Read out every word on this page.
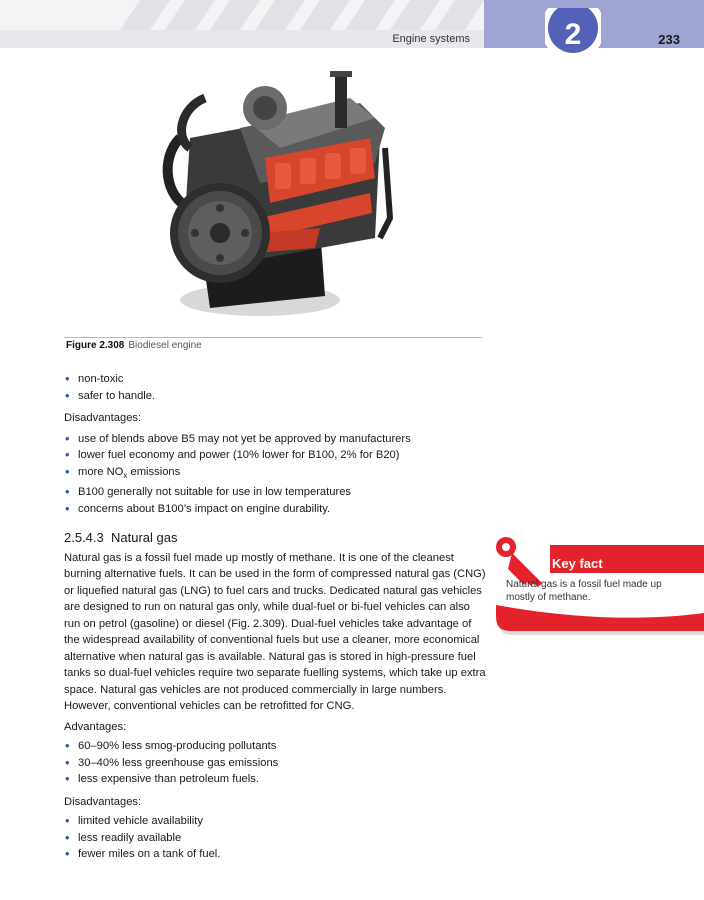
Engine systems	2	233
Figure 2.308 Biodiesel engine
• non-toxic
• safer to handle.
Disadvantages:
• use of blends above B5 may not yet be approved by manufacturers
• lower fuel economy and power (10% lower for B100, 2% for B20)
• more $NO_x$ emissions
• B100 generally not suitable for use in low temperatures
• concerns about B100’s impact on engine durability.
2.5.4.3 Natural gas

Natural gas is a fossil fuel made up mostly of methane. It is one of the cleanest burning alternative fuels. It can be used in the form of compressed natural gas (CNG) or liquefied natural gas (LNG) to fuel cars and trucks. Dedicated natural gas vehicles are designed to run on natural gas only, while dual-fuel or bi-fuel vehicles can also run on petrol (gasoline) or diesel (Fig. 2.309). Dual-fuel vehicles take advantage of the widespread availability of conventional fuels but use a cleaner, more economical alternative when natural gas is available. Natural gas is stored in high-pressure fuel tanks so dual-fuel vehicles require two separate fuelling systems, which take up extra space. Natural gas vehicles are not produced commercially in large numbers. However, conventional vehicles can be retrofitted for CNG.

Advantages:
• 60–90% less smog-producing pollutants
• 30–40% less greenhouse gas emissions
• less expensive than petroleum fuels.
Disadvantages:
• limited vehicle availability
• less readily available
• fewer miles on a tank of fuel.
Key fact
Natural gas is a fossil fuel made up mostly of methane.
